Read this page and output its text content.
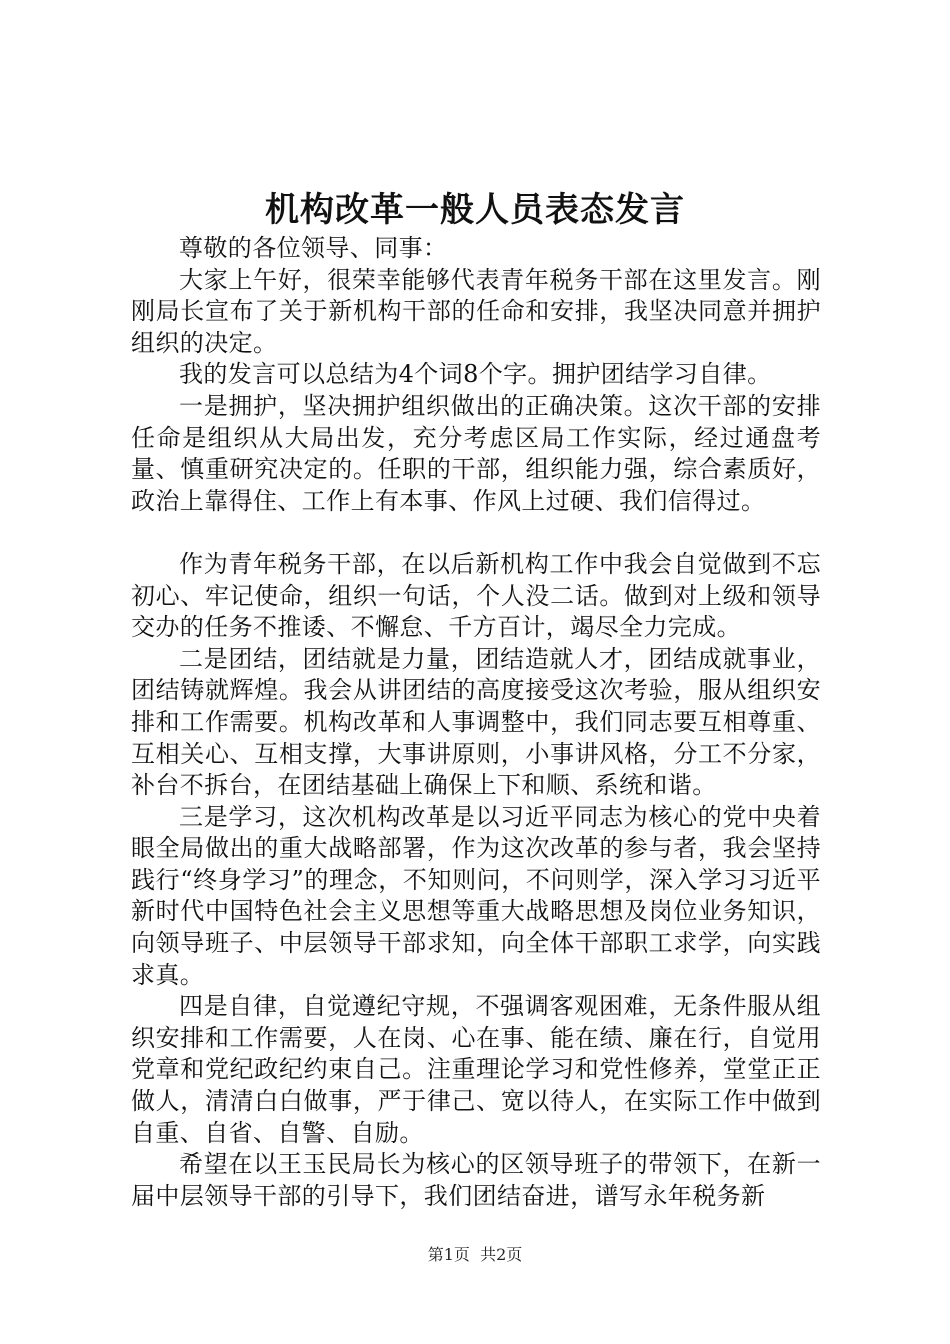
机构改革一般人员表态发言

尊敬的各位领导、同事：

大家上午好，很荣幸能够代表青年税务干部在这里发言。刚刚局长宣布了关于新机构干部的任命和安排，我坚决同意并拥护组织的决定。

我的发言可以总结为4个词8个字。拥护团结学习自律。

一是拥护，坚决拥护组织做出的正确决策。这次干部的安排任命是组织从大局出发，充分考虑区局工作实际，经过通盘考量、慎重研究决定的。任职的干部，组织能力强，综合素质好，政治上靠得住、工作上有本事、作风上过硬、我们信得过。

作为青年税务干部，在以后新机构工作中我会自觉做到不忘初心、牢记使命，组织一句话，个人没二话。做到对上级和领导交办的任务不推诿、不懈怠、千方百计，竭尽全力完成。

二是团结，团结就是力量，团结造就人才，团结成就事业，团结铸就辉煌。我会从讲团结的高度接受这次考验，服从组织安排和工作需要。机构改革和人事调整中，我们同志要互相尊重、互相关心、互相支撑，大事讲原则，小事讲风格，分工不分家，补台不拆台，在团结基础上确保上下和顺、系统和谐。

三是学习，这次机构改革是以习近平同志为核心的党中央着眼全局做出的重大战略部署，作为这次改革的参与者，我会坚持践行“终身学习”的理念，不知则问，不问则学，深入学习习近平新时代中国特色社会主义思想等重大战略思想及岗位业务知识，向领导班子、中层领导干部求知，向全体干部职工求学，向实践求真。

四是自律，自觉遵纪守规，不强调客观困难，无条件服从组织安排和工作需要，人在岗、心在事、能在绩、廉在行，自觉用党章和党纪政纪约束自己。注重理论学习和党性修养，堂堂正正做人，清清白白做事，严于律己、宽以待人，在实际工作中做到自重、自省、自警、自励。

希望在以王玉民局长为核心的区领导班子的带领下，在新一届中层领导干部的引导下，我们团结奋进，谱写永年税务新

第1页  共2页
